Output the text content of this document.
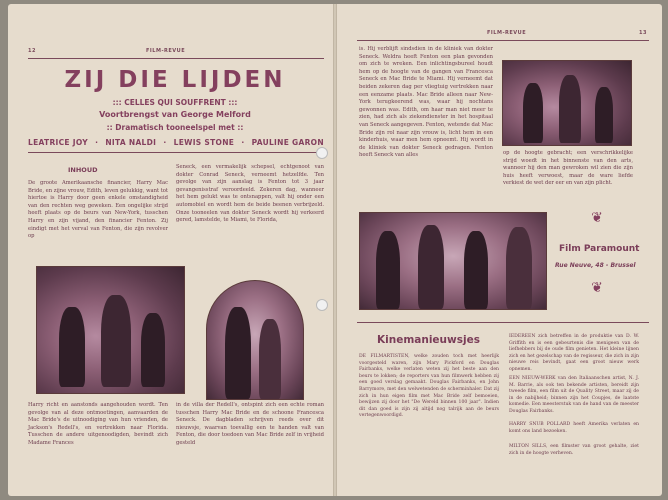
12	FILM-REVUE
ZIJ DIE LIJDEN
::: CELLES QUI SOUFFRENT :::
Voortbrengst van George Melford
:: Dramatisch tooneelspel met ::
LEATRICE JOY · NITA NALDI · LEWIS STONE · PAULINE GARON
INHOUD
De groote Amerikaansche financier, Harry Mac Bride, en zijne vrouw, Edith, leven gelukkig, want tot hiertoe is Harry door geen enkele omstandigheid van den rechten weg geweken. Een ongelijke strijd heeft plaats op de beurs van New-York, tusschen Harry en zijn vijand, den financier Fenton. Zij eindigt met het verval van Fenton, die zijn revolver op
Seneck, een vermakelijk schepsel, echtgenoot van dokter Conrad Seneck, verneemt hetzelfde. Ten gevolge van zijn aanslag is Fenton tot 3 jaar gevangenisstraf veroordeeld. Zekeren dag, wanneer het hem gelukt was te ontsnappen, valt hij onder een automobiel en wordt hem de beide beenen verbrijzeld. Onze tooneelen van dokter Seneck wordt hij verkeerd gered, lamstelde, te Miami, te Florida,
Harry richt en aanstonds aangehouden wordt. Ten gevolge van al deze ontmoetingen, aanvaarden de Mac Bride's de uitnoodiging van hun vrienden, de Jackson's Redell's, en vertrekken naar Florida. Tusschen de andere uitgenoodigden, bevindt zich Madame Frances
in de villa der Redell's, ontspint zich een echte roman tusschen Harry Mac Bride en de schoone Francesca Seneck. De dagbladen schrijven reeds over dit nieuwsje, waarvan toevallig een te handen valt van Fenton, die door toedoen van Mac Bride zelf in vrijheid gesteld
FILM-REVUE	13
is. Hij verblijft sindsdien in de kliniek van dokter Seneck. Weldra heeft Fenton een plan gevonden om zich te wreken. Een inlichtingsbureel houdt hem op de hoogte van de gangen van Francesca Seneck en Mac Bride te Miami. Hij verneemt dat beiden zekeren dag per vliegtuig vertrekken naar een eenzame plaats. Mac Bride alleen naar New-York terugkeerend was, waar hij nochtans gewonnen was. Edith, om haar man niet meer te zien, had zich als ziekendienster in het hospitaal van Seneck aangegeven. Fenton, wetende dat Mac Bride zijn rol naar zijn vrouw is, licht hem in een kinderhuis, waar men hem opneemt. Hij wordt in de kliniek van dokter Seneck gedragen. Fenton heeft Seneck van alles	op de hoogte gebracht; een verschrikkelijke strijd woedt in het binnenste van den arts, wanneer hij den man gewroken wil zien die zijn huis heeft verwoest, maar de ware liefde verkiest de wet der eer en van zijn plicht.
❦
Film Paramount
Rue Neuve, 48 - Brussel
❦
Kinemanieuwsjes
DE FILMARTISTEN, welke zouden toch met heerlijk voorgesteld waren, zijn Mary Pickford en Douglas Fairbanks, welke verlaten weten zij het beste aan den beurs te lokken; de reporters van hun filmwerk hebben zij een goed verslag gemaakt. Douglas Fairbanks, en John Barrymore, met den welwetenden de scherminhaler. Dat zij zich in hun eigen film met Mac Bride zelf bemoeien, bewijzen zij door het "De Wereld binnen 100 jaar". Indien dit dan goed is zijn zij altijd nog talrijk aan de beurs vertegenwoordigd.
IEDEREEN zich betreffen in de produktie van D. W. Griffith en is een gebeurtenis die menigeen van de liefhebbers bij de oude film genieten. Het kleine lijnen zich en het gezelschap van de regisseur, die zich in zijn nieuwe reis bevindt, gaat een groot nieuw werk opnemen.
EEN NIEUW-WERK van den Italiaanschen artist, N. J. M. Barrie, als ook ten bekende artisten, bereidt zijn tweede film, een film uit de Quality Street, maar zij de in de nabijheid; binnen zijn het Coupjes, de laatste komedie. Een meesterstuk van de hand van de meester Douglas Fairbanks.
HARRY SNUB POLLARD heeft Amerika verlaten en komt ons land bezoeken.
MILTON SILLS, een filmster van groot gehalte, ziet zich in de hoogte verheven.
